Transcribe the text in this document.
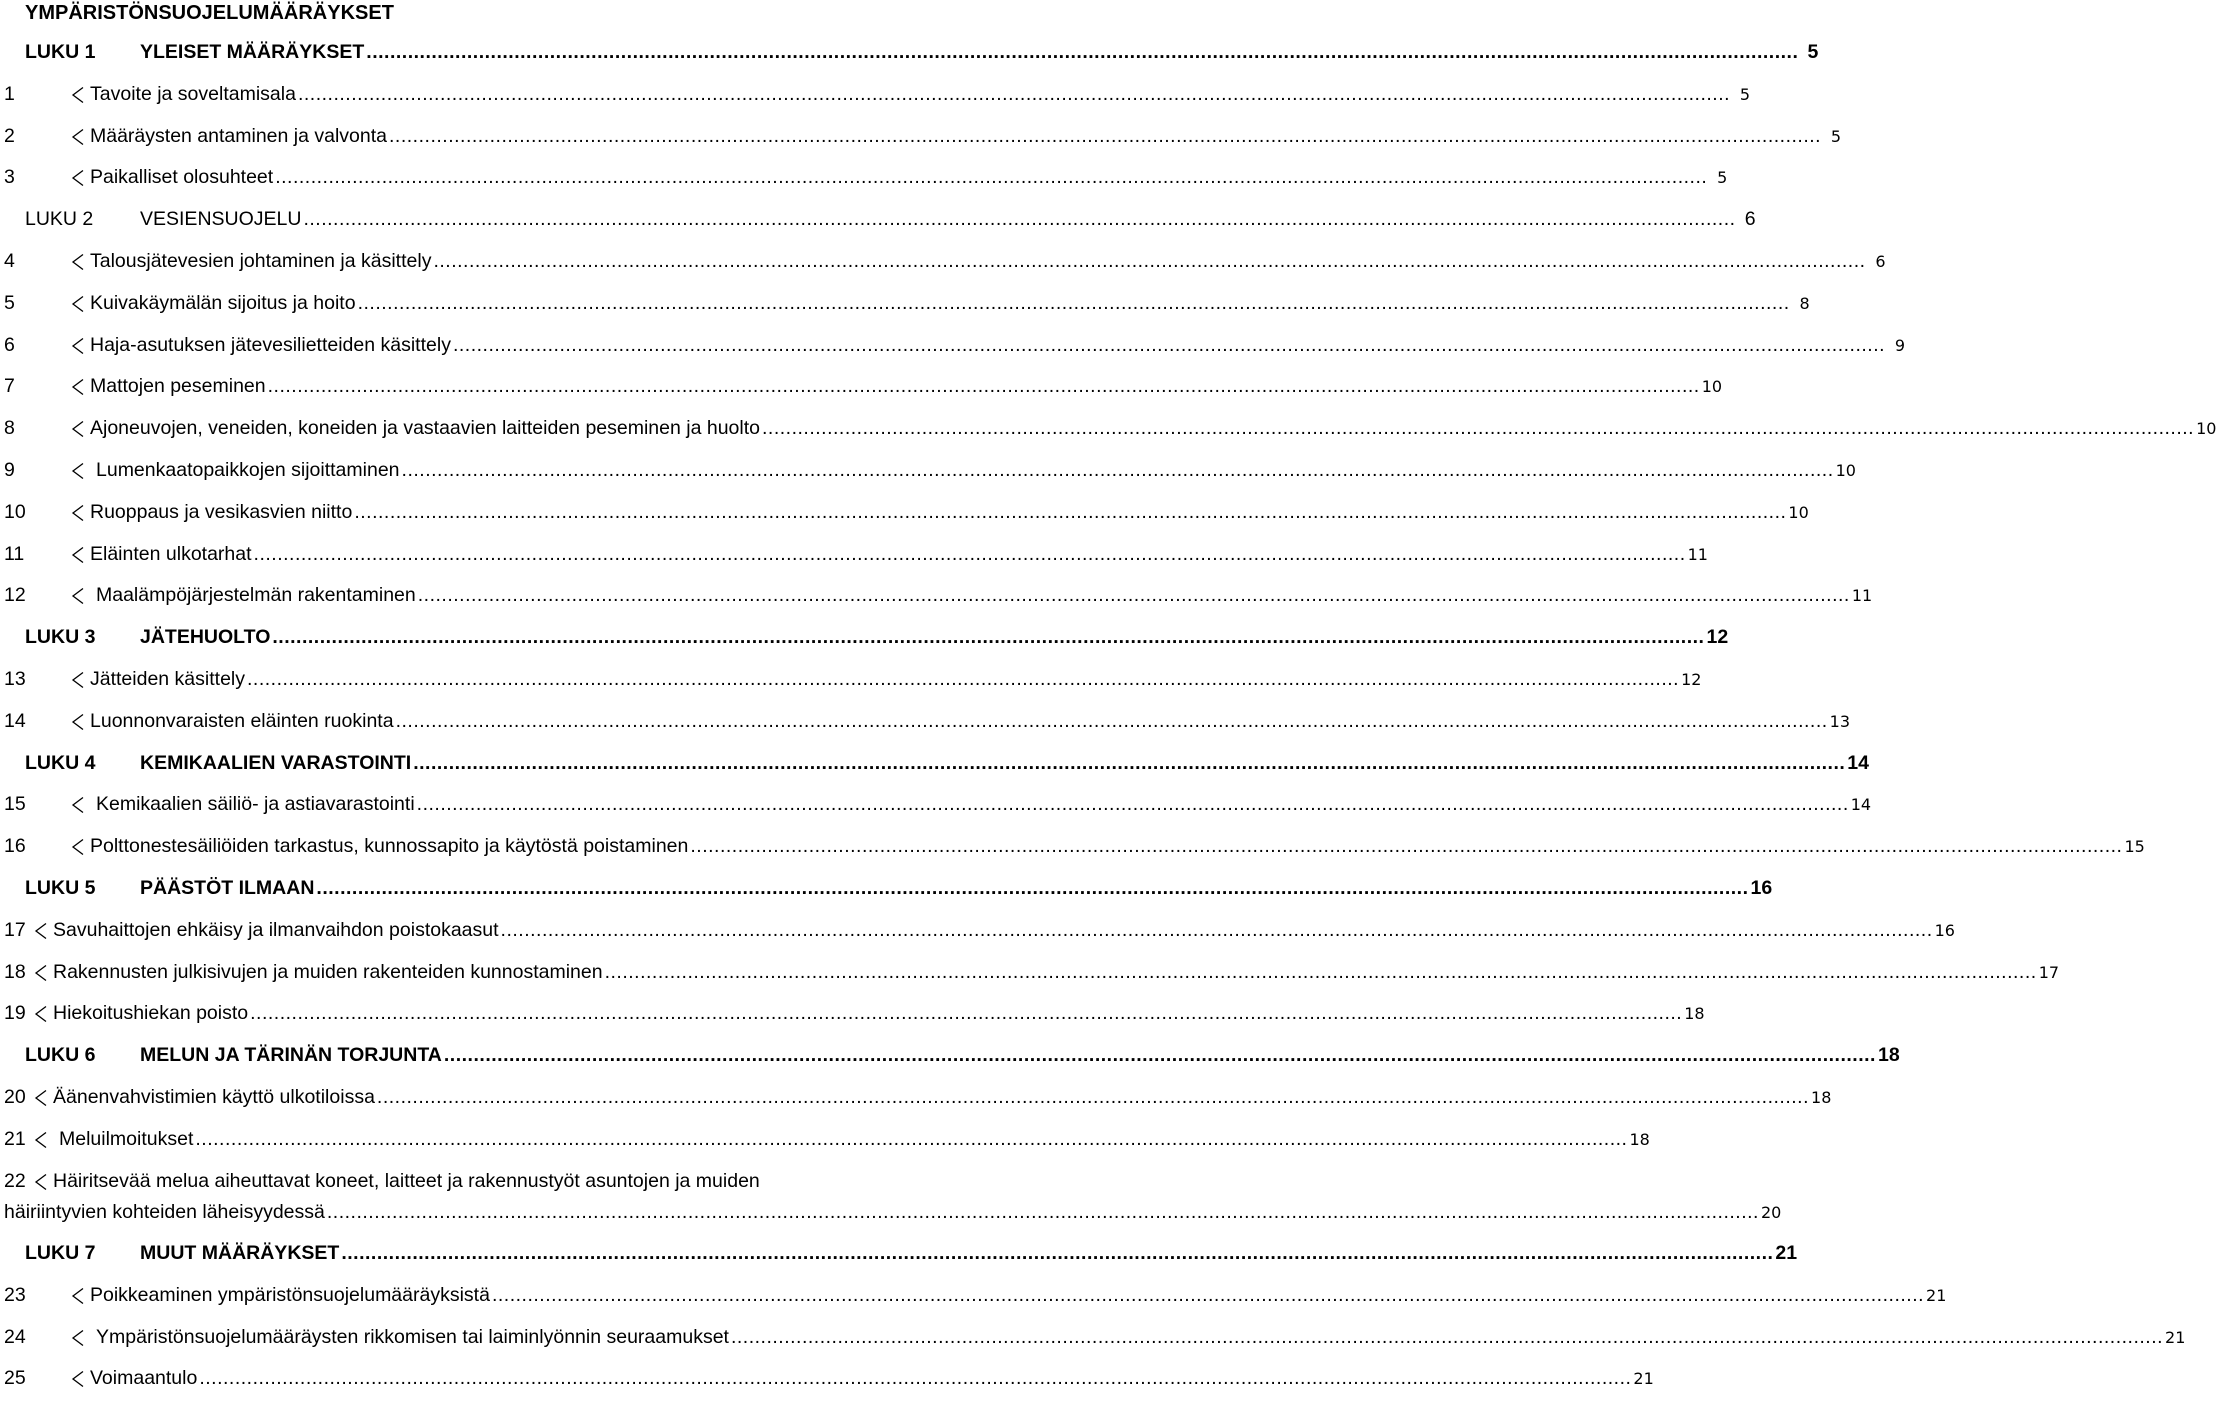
YMPÄRISTÖNSUOJELUMÄÄRÄYKSET
LUKU 1 YLEISET MÄÄRÄYKSET .................................................................................................................................................................................................................................................. 5
1	Tavoite ja soveltamisala .................................................................................................................................................................................................................................................. 5
2	Määräysten antaminen ja valvonta .................................................................................................................................................................................................................................................. 5
3	Paikalliset olosuhteet .................................................................................................................................................................................................................................................. 5
LUKU 2 VESIENSUOJELU .................................................................................................................................................................................................................................................. 6
4	Talousjätevesien johtaminen ja käsittely .................................................................................................................................................................................................................................................. 6
5	Kuivakäymälän sijoitus ja hoito .................................................................................................................................................................................................................................................. 8
6	Haja-asutuksen jätevesilietteiden käsittely .................................................................................................................................................................................................................................................. 9
7	Mattojen peseminen .................................................................................................................................................................................................................................................. 10
8	Ajoneuvojen, veneiden, koneiden ja vastaavien laitteiden peseminen ja huolto .................................................................................................................................................................................................................................................. 10
9	Lumenkaatopaikkojen sijoittaminen .................................................................................................................................................................................................................................................. 10
10	Ruoppaus ja vesikasvien niitto .................................................................................................................................................................................................................................................. 10
11	Eläinten ulkotarhat .................................................................................................................................................................................................................................................. 11
12	Maalämpöjärjestelmän rakentaminen .................................................................................................................................................................................................................................................. 11
LUKU 3 JÄTEHUOLTO .................................................................................................................................................................................................................................................. 12
13	Jätteiden käsittely .................................................................................................................................................................................................................................................. 12
14	Luonnonvaraisten eläinten ruokinta .................................................................................................................................................................................................................................................. 13
LUKU 4 KEMIKAALIEN VARASTOINTI .................................................................................................................................................................................................................................................. 14
15	Kemikaalien säiliö- ja astiavarastointi .................................................................................................................................................................................................................................................. 14
16	Polttonestesäiliöiden tarkastus, kunnossapito ja käytöstä poistaminen .................................................................................................................................................................................................................................................. 15
LUKU 5 PÄÄSTÖT ILMAAN .................................................................................................................................................................................................................................................. 16
17 Savuhaittojen ehkäisy ja ilmanvaihdon poistokaasut .................................................................................................................................................................................................................................................. 16
18 Rakennusten julkisivujen ja muiden rakenteiden kunnostaminen .................................................................................................................................................................................................................................................. 17
19 Hiekoitushiekan poisto .................................................................................................................................................................................................................................................. 18
LUKU 6 MELUN JA TÄRINÄN TORJUNTA .................................................................................................................................................................................................................................................. 18
20 Äänenvahvistimien käyttö ulkotiloissa .................................................................................................................................................................................................................................................. 18
21 Meluilmoitukset .................................................................................................................................................................................................................................................. 18
22 Häiritsevää melua aiheuttavat koneet, laitteet ja rakennustyöt asuntojen ja muiden
häiriintyvien kohteiden läheisyydessä .................................................................................................................................................................................................................................................. 20
LUKU 7 MUUT MÄÄRÄYKSET .................................................................................................................................................................................................................................................. 21
23	Poikkeaminen ympäristönsuojelumääräyksistä .................................................................................................................................................................................................................................................. 21
24	Ympäristönsuojelumääräysten rikkomisen tai laiminlyönnin seuraamukset .................................................................................................................................................................................................................................................. 21
25	Voimaantulo .................................................................................................................................................................................................................................................. 21
